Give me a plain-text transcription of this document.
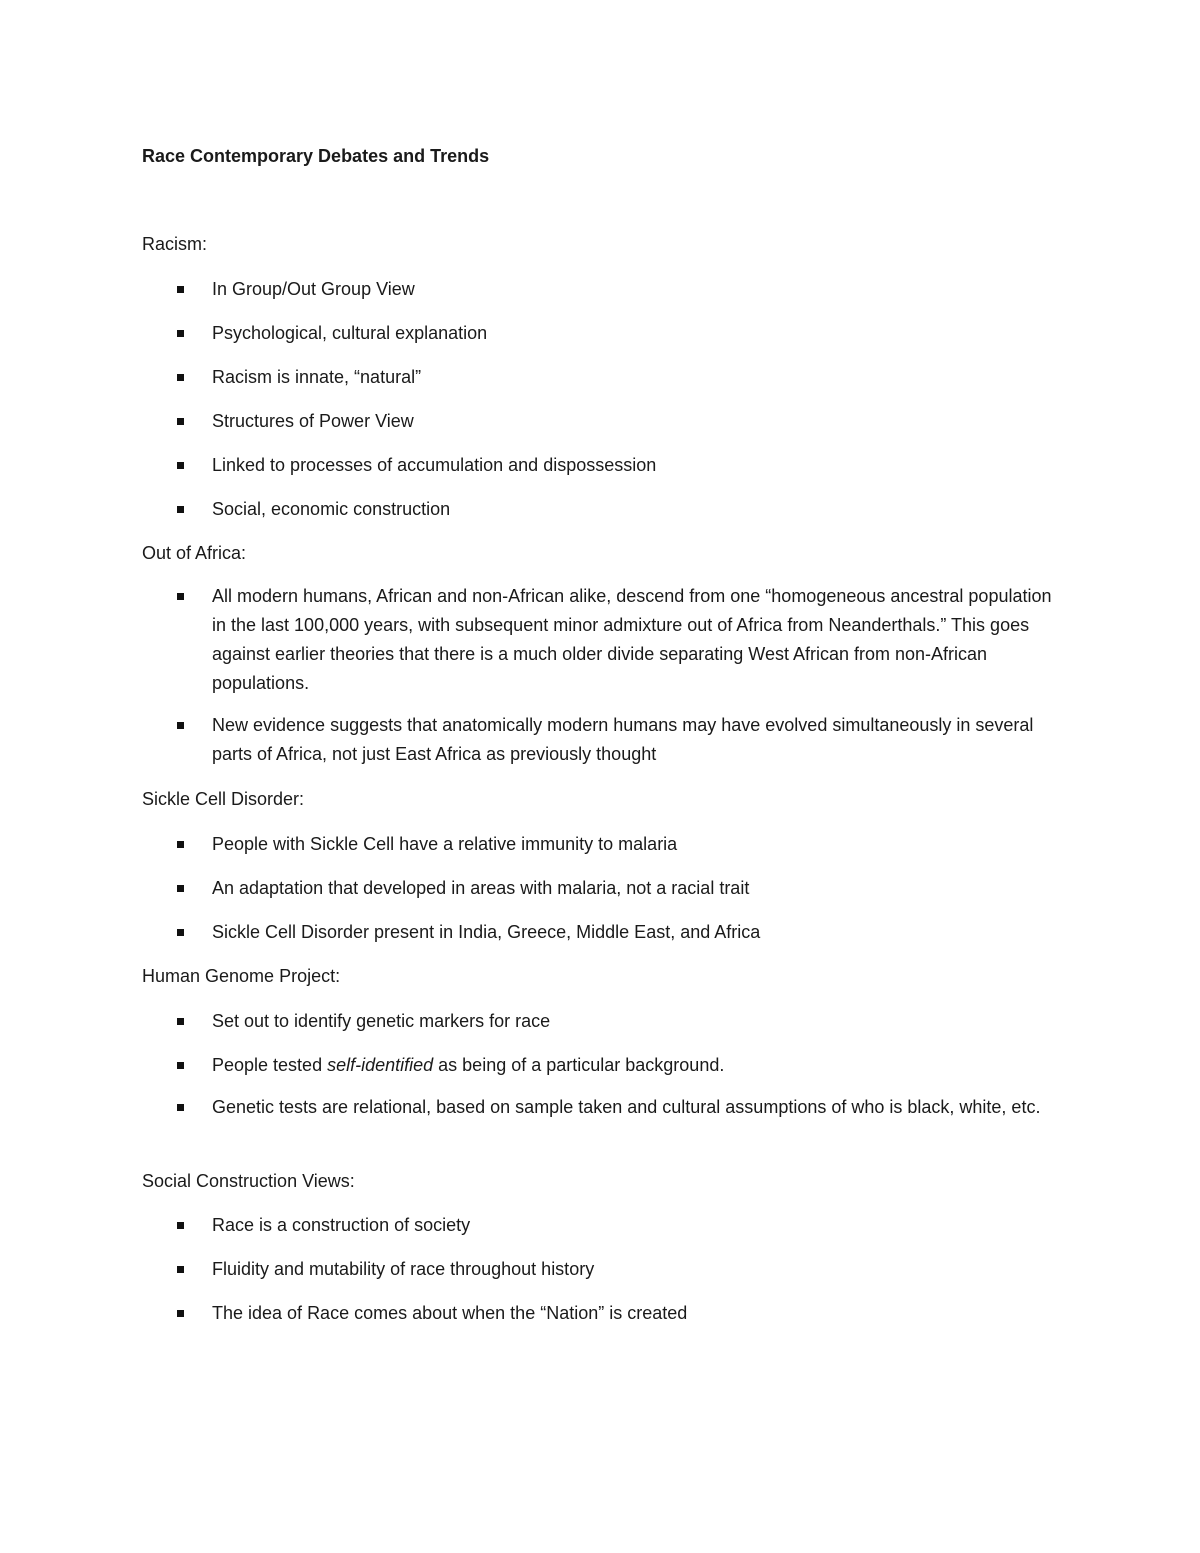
Race Contemporary Debates and Trends
Racism:
In Group/Out Group View
Psychological, cultural explanation
Racism is innate, “natural”
Structures of Power View
Linked to processes of accumulation and dispossession
Social, economic construction
Out of Africa:
All modern humans, African and non-African alike, descend from one “homogeneous ancestral population in the last 100,000 years, with subsequent minor admixture out of Africa from Neanderthals.” This goes against earlier theories that there is a much older divide separating West African from non-African populations.
New evidence suggests that anatomically modern humans may have evolved simultaneously in several parts of Africa, not just East Africa as previously thought
Sickle Cell Disorder:
People with Sickle Cell have a relative immunity to malaria
An adaptation that developed in areas with malaria, not a racial trait
Sickle Cell Disorder present in India, Greece, Middle East, and Africa
Human Genome Project:
Set out to identify genetic markers for race
People tested self-identified as being of a particular background.
Genetic tests are relational, based on sample taken and cultural assumptions of who is black, white, etc.
Social Construction Views:
Race is a construction of society
Fluidity and mutability of race throughout history
The idea of Race comes about when the “Nation” is created
